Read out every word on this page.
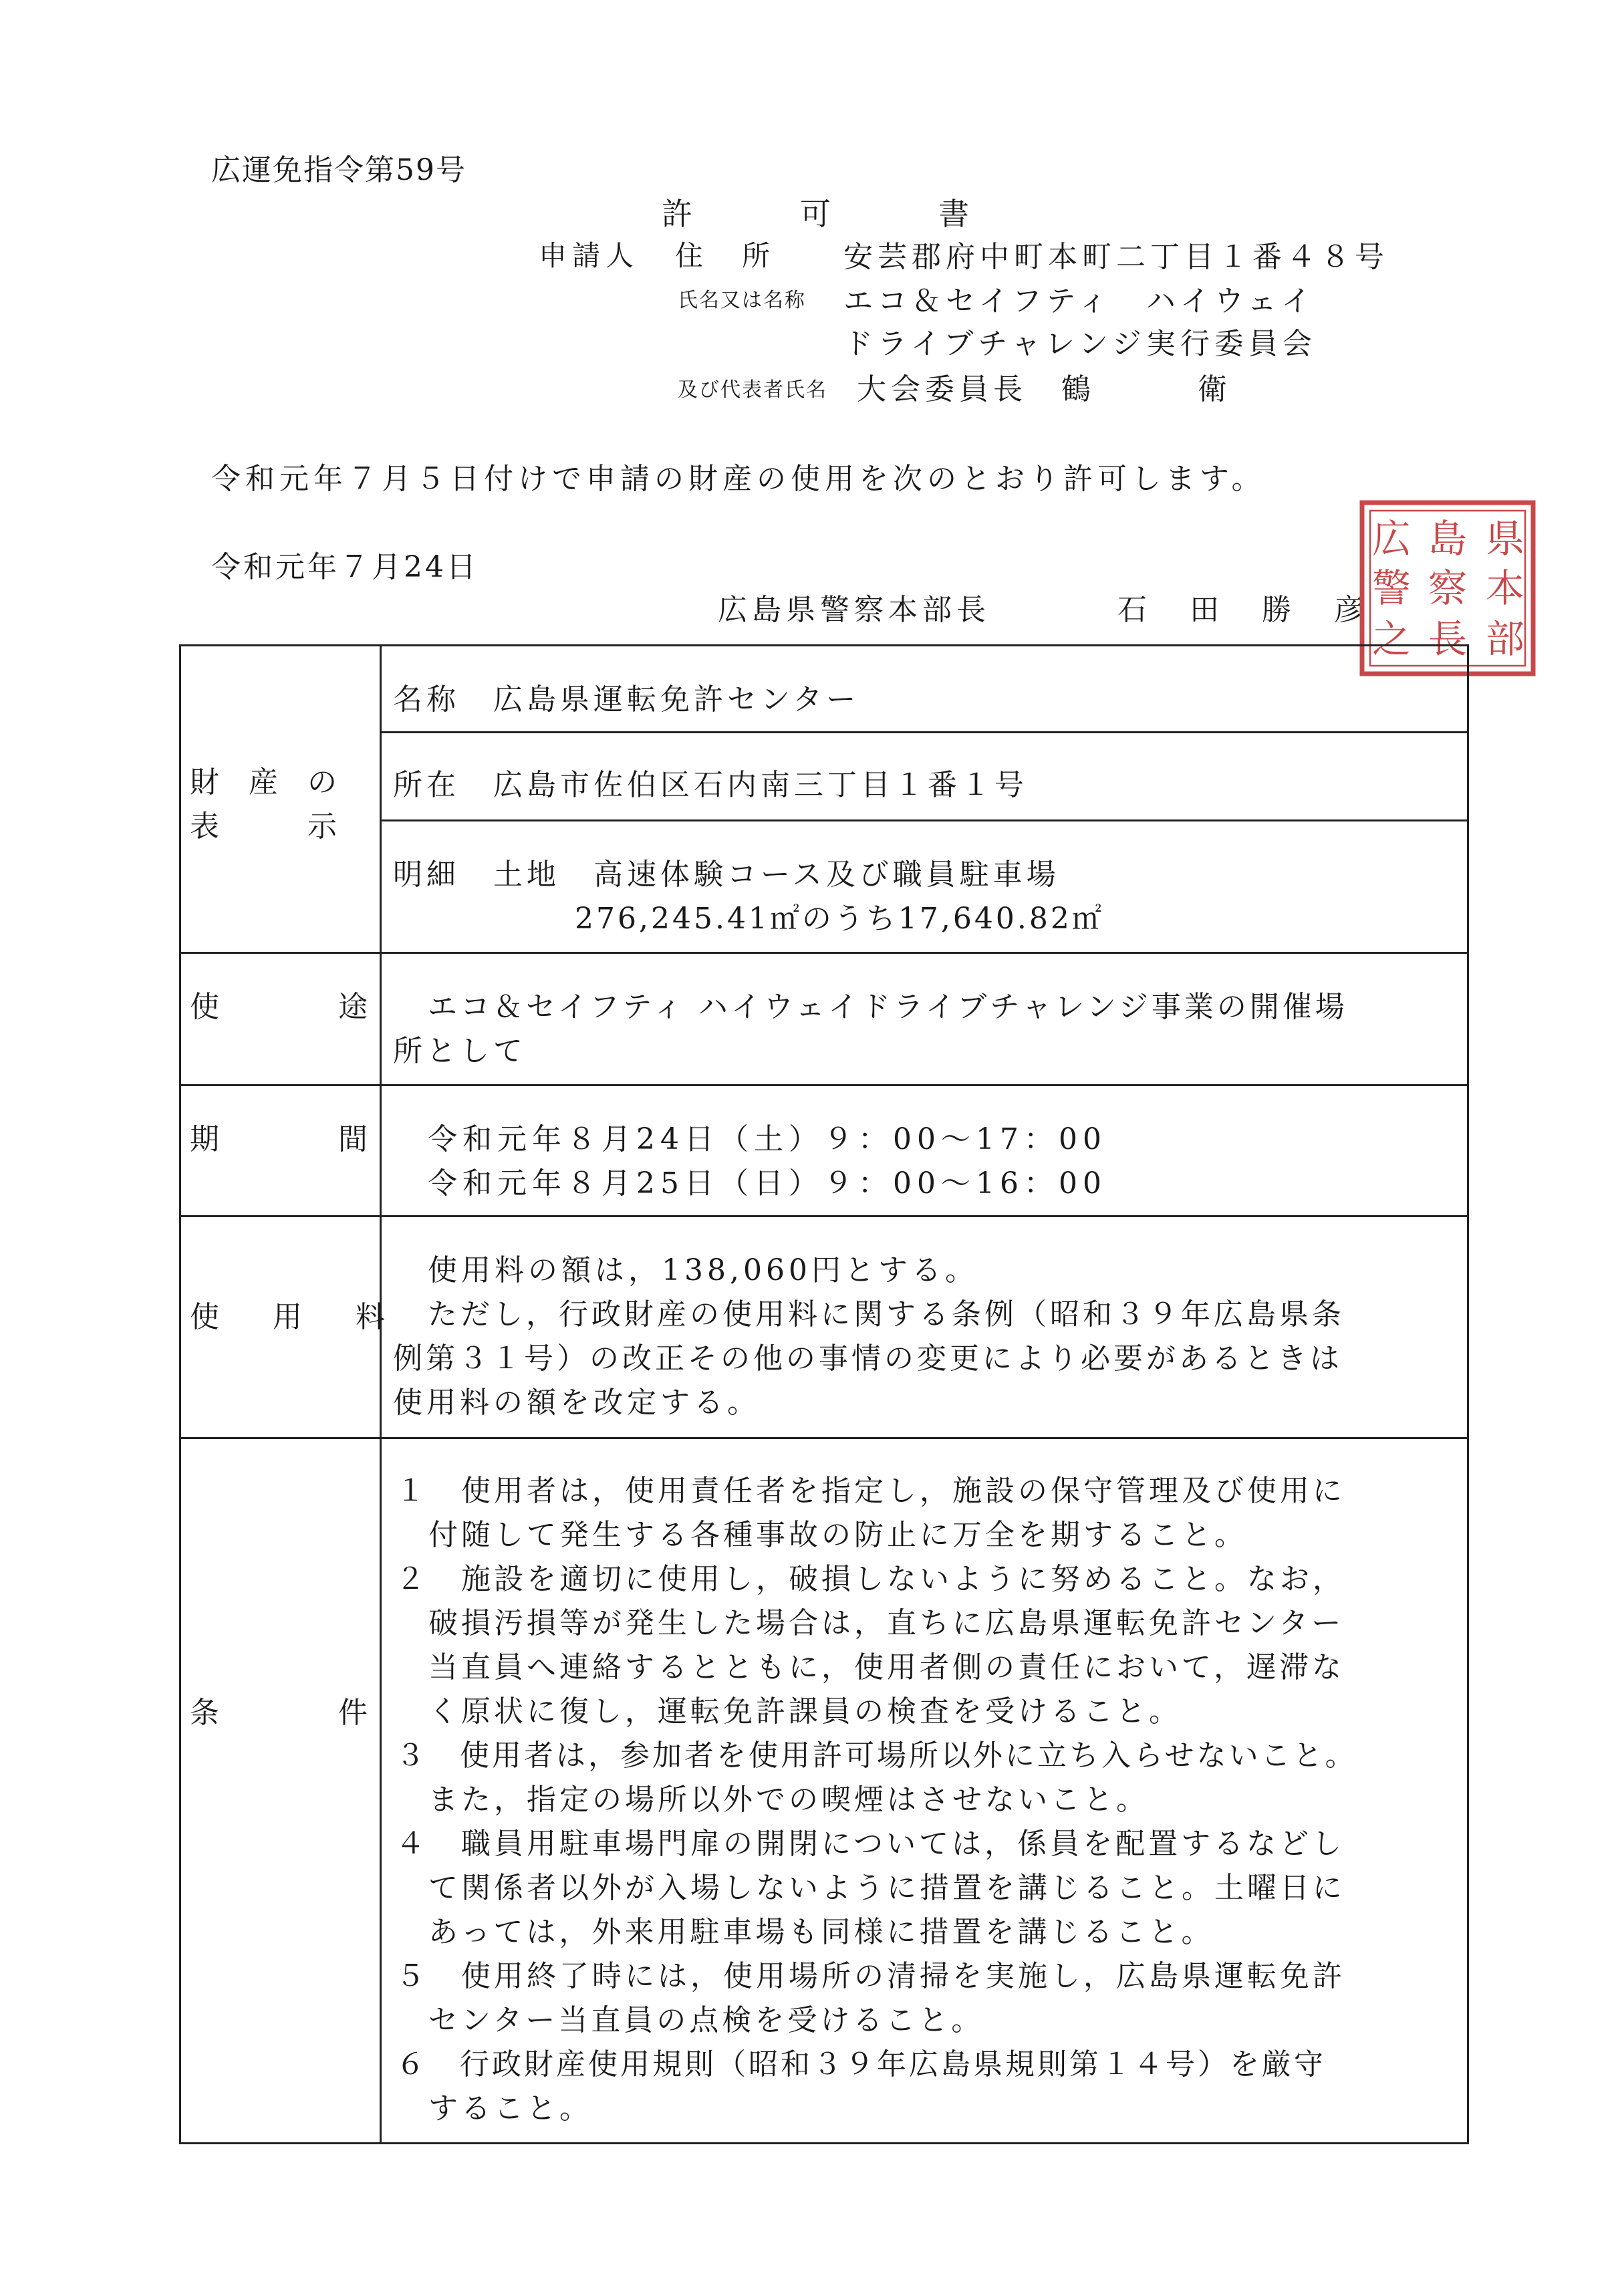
広運免指令第59号
許	可	書
申請人 住　所 安芸郡府中町本町二丁目１番４８号
氏名又は名称 エコ＆セイフティ　ハイウェイ
ドライブチャレンジ実行委員会
及び代表者氏名 大会委員長　鶴　　　衛
令和元年７月５日付けで申請の財産の使用を次のとおり許可します。
令和元年７月24日
広島県警察本部長	石　田　勝　彦
県
島
広
本
察
警
部
長
之
財　産　の
表　　　示
名称　広島県運転免許センター
所在　広島市佐伯区石内南三丁目１番１号
明細　土地　高速体験コース及び職員駐車場
276,245.41㎡のうち17,640.82㎡
使　　途 エコ＆セイフティ ハイウェイドライブチャレンジ事業の開催場
所として
期　　間 令和元年８月24日（土）９：00～17：00
令和元年８月25日（日）９：00～16：00
使　用　料
使用料の額は，138,060円とする。
ただし，行政財産の使用料に関する条例（昭和３９年広島県条
例第３１号）の改正その他の事情の変更により必要があるときは
使用料の額を改定する。
条　　件
１　使用者は，使用責任者を指定し，施設の保守管理及び使用に
　付随して発生する各種事故の防止に万全を期すること。
２　施設を適切に使用し，破損しないように努めること。なお，
　破損汚損等が発生した場合は，直ちに広島県運転免許センター
　当直員へ連絡するとともに，使用者側の責任において，遅滞な
　く原状に復し，運転免許課員の検査を受けること。
３　使用者は，参加者を使用許可場所以外に立ち入らせないこと。
　また，指定の場所以外での喫煙はさせないこと。
４　職員用駐車場門扉の開閉については，係員を配置するなどし
　て関係者以外が入場しないように措置を講じること。土曜日に
　あっては，外来用駐車場も同様に措置を講じること。
５　使用終了時には，使用場所の清掃を実施し，広島県運転免許
　センター当直員の点検を受けること。
６　行政財産使用規則（昭和３９年広島県規則第１４号）を厳守
　すること。
